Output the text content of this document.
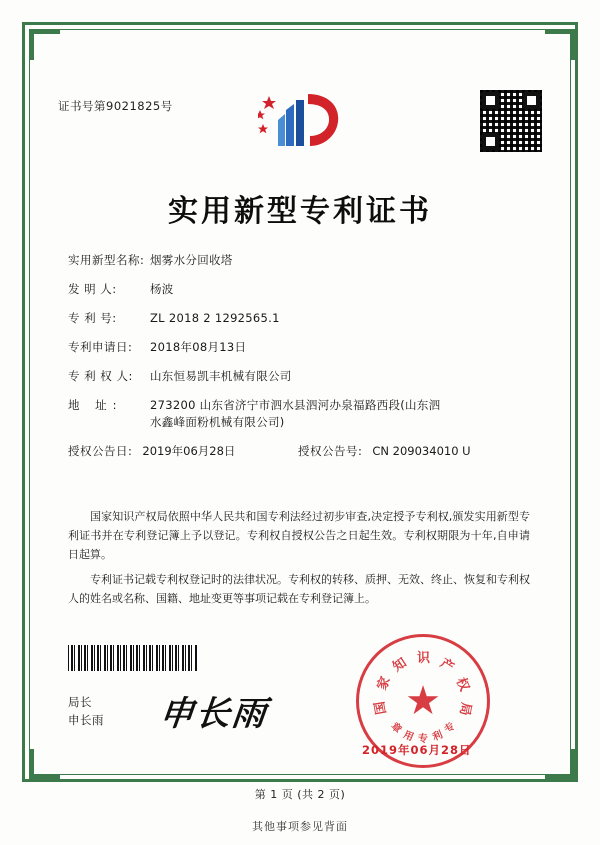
证书号第9021825号
实用新型专利证书
实用新型名称: 烟雾水分回收塔
发 明 人:	杨波
专 利 号:	ZL 2018 2 1292565.1
专利申请日:	2018年08月13日
专 利 权 人:	山东恒易凯丰机械有限公司
地 址:	273200 山东省济宁市泗水县泗河办泉福路西段(山东泗
水鑫峰面粉机械有限公司)
授权公告日: 2019年06月28日	授权公告号: CN 209034010 U

国家知识产权局依照中华人民共和国专利法经过初步审查,决定授予专利权,颁发实用新型专利证书并在专利登记簿上予以登记。专利权自授权公告之日起生效。专利权期限为十年,自申请日起算。

专利证书记载专利权登记时的法律状况。专利权的转移、质押、无效、终止、恢复和专利权人的姓名或名称、国籍、地址变更等事项记载在专利登记簿上。

局长
申长雨 申长雨	★
国
家
知 识 产
权
局
专
利
专
用
章
2019年06月28日
第 1 页 (共 2 页)
其他事项参见背面
